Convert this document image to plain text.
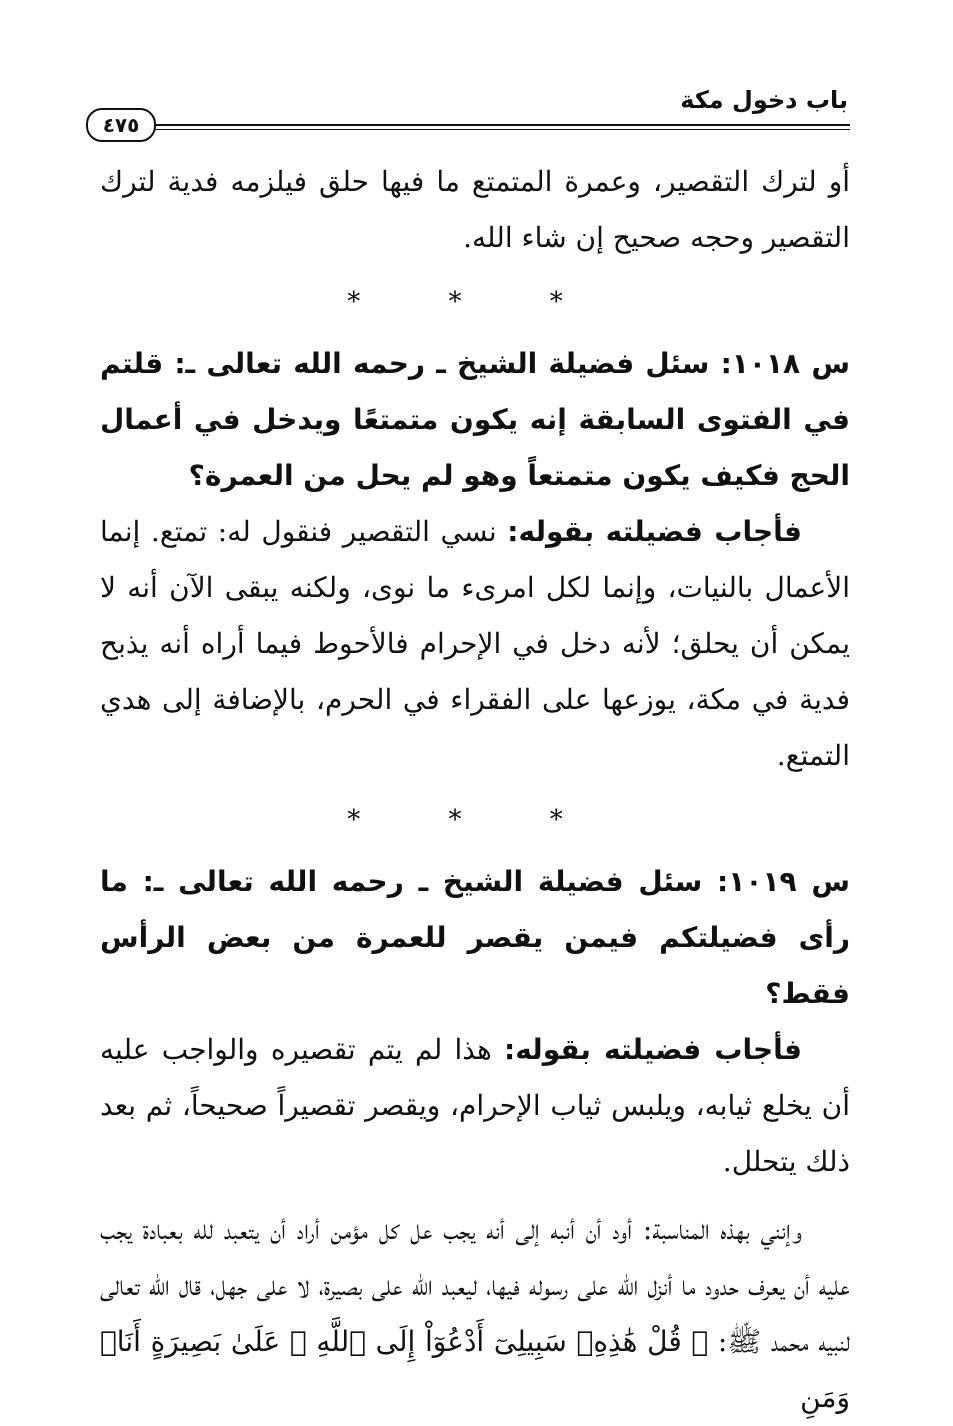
باب دخول مكة
٤٧٥

أو لترك التقصير، وعمرة المتمتع ما فيها حلق فيلزمه فدية لترك التقصير وحجه صحيح إن شاء الله.

* * *

س ١٠١٨: سئل فضيلة الشيخ ـ رحمه الله تعالى ـ: قلتم في الفتوى السابقة إنه يكون متمتعًا ويدخل في أعمال الحج فكيف يكون متمتعاً وهو لم يحل من العمرة؟

فأجاب فضيلته بقوله: نسي التقصير فنقول له: تمتع. إنما الأعمال بالنيات، وإنما لكل امرىء ما نوى، ولكنه يبقى الآن أنه لا يمكن أن يحلق؛ لأنه دخل في الإحرام فالأحوط فيما أراه أنه يذبح فدية في مكة، يوزعها على الفقراء في الحرم، بالإضافة إلى هدي التمتع.

* * *

س ١٠١٩: سئل فضيلة الشيخ ـ رحمه الله تعالى ـ: ما رأى فضيلتكم فيمن يقصر للعمرة من بعض الرأس فقط؟

فأجاب فضيلته بقوله: هذا لم يتم تقصيره والواجب عليه أن يخلع ثيابه، ويلبس ثياب الإحرام، ويقصر تقصيراً صحيحاً، ثم بعد ذلك يتحلل.

وإنني بهذه المناسبة: أود أن أنبه إلى أنه يجب عل كل مؤمن أراد أن يتعبد لله بعبادة يجب عليه أن يعرف حدود ما أنزل الله على رسوله فيها، ليعبد الله على بصيرة، لا على جهل، قال الله تعالى لنبيه محمد ﷺ: ﴿ قُلْ هَٰذِهِۦ سَبِيلِىٓ أَدْعُوٓاْ إِلَى ٱللَّهِ ۚ عَلَىٰ بَصِيرَةٍ أَنَا۠ وَمَنِ
